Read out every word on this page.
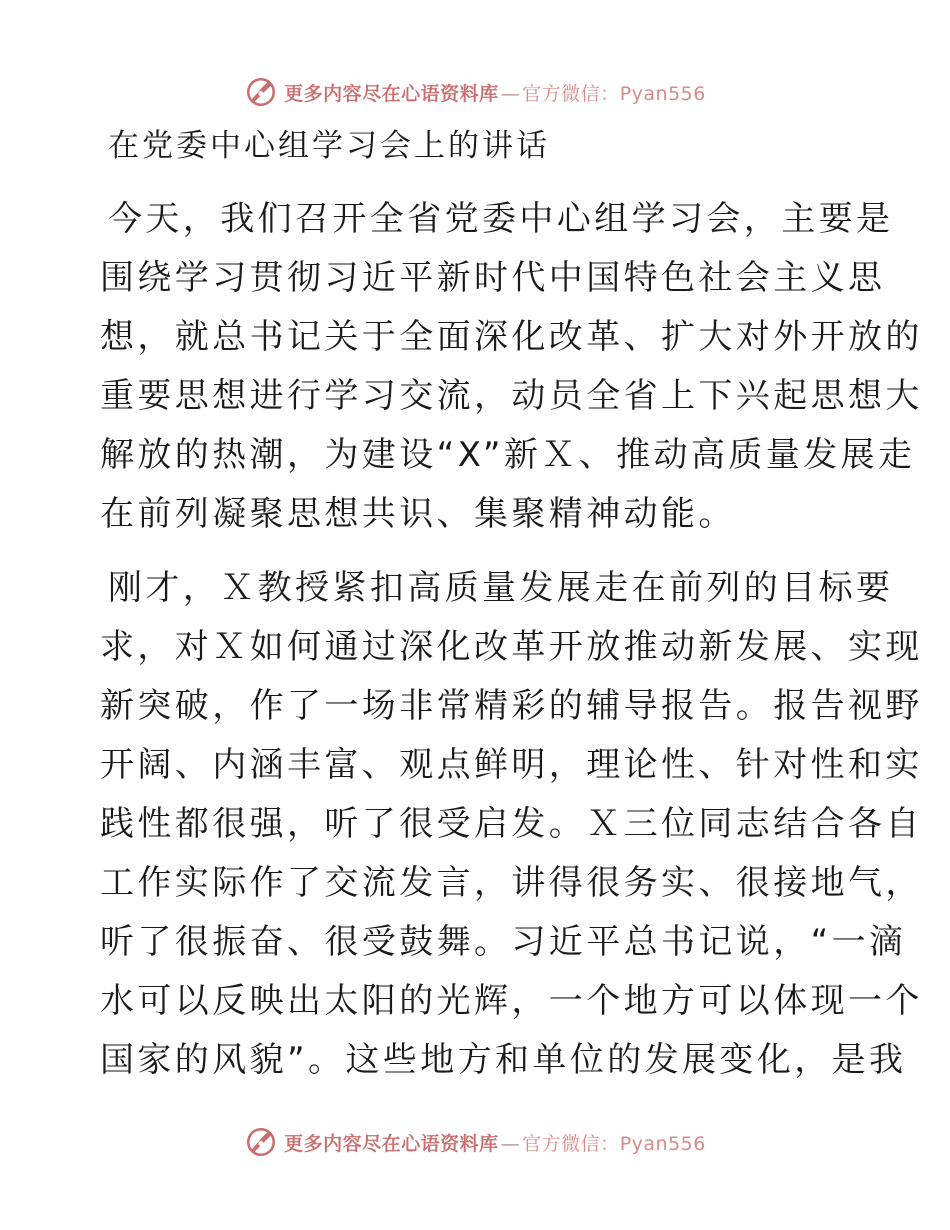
更多内容尽在心语资料库 — 官方微信：Pyan556
在党委中心组学习会上的讲话

今天，我们召开全省党委中心组学习会，主要是
围绕学习贯彻习近平新时代中国特色社会主义思
想，就总书记关于全面深化改革、扩大对外开放的
重要思想进行学习交流，动员全省上下兴起思想大
解放的热潮，为建设“X”新Ｘ、推动高质量发展走
在前列凝聚思想共识、集聚精神动能。

刚才，Ｘ教授紧扣高质量发展走在前列的目标要
求，对Ｘ如何通过深化改革开放推动新发展、实现
新突破，作了一场非常精彩的辅导报告。报告视野
开阔、内涵丰富、观点鲜明，理论性、针对性和实
践性都很强，听了很受启发。Ｘ三位同志结合各自
工作实际作了交流发言，讲得很务实、很接地气，
听了很振奋、很受鼓舞。习近平总书记说，“一滴
水可以反映出太阳的光辉，一个地方可以体现一个
国家的风貌”。这些地方和单位的发展变化，是我

更多内容尽在心语资料库 — 官方微信：Pyan556
